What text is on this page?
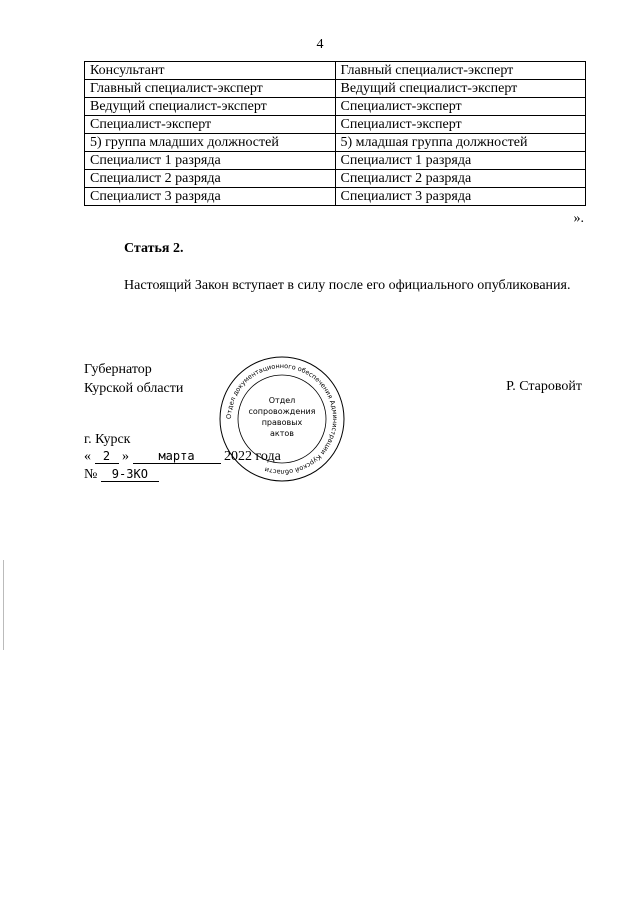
4
Консультант	Главный специалист-эксперт
Главный специалист-эксперт	Ведущий специалист-эксперт
Ведущий специалист-эксперт	Специалист-эксперт
Специалист-эксперт	Специалист-эксперт
5) группа младших должностей	5) младшая группа должностей
Специалист 1 разряда	Специалист 1 разряда
Специалист 2 разряда	Специалист 2 разряда
Специалист 3 разряда	Специалист 3 разряда
».
Статья 2.
Настоящий Закон вступает в силу после его официального опубликования.
Губернатор
Курской области	Р. Старовойт
Отдел документационного обеспечения Администрации Курской области
Отдел
сопровождения
правовых
актов
г. Курск
« 2 » марта 2022 года
№ 9-ЗКО
